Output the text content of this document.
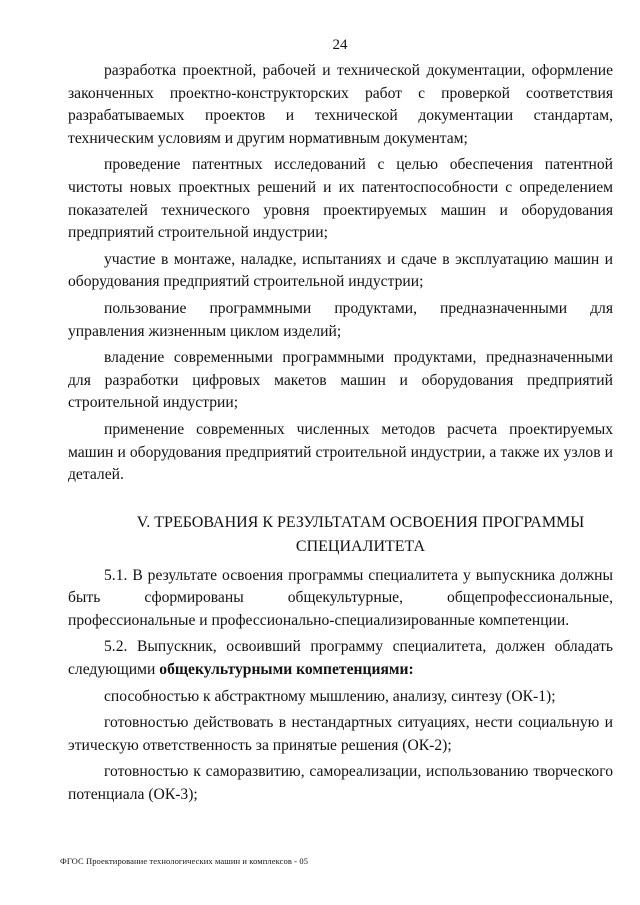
24

разработка проектной, рабочей и технической документации, оформление законченных проектно-конструкторских работ с проверкой соответствия разрабатываемых проектов и технической документации стандартам, техническим условиям и другим нормативным документам;

проведение патентных исследований с целью обеспечения патентной чистоты новых проектных решений и их патентоспособности с определением показателей технического уровня проектируемых машин и оборудования предприятий строительной индустрии;

участие в монтаже, наладке, испытаниях и сдаче в эксплуатацию машин и оборудования предприятий строительной индустрии;

пользование программными продуктами, предназначенными для управления жизненным циклом изделий;

владение современными программными продуктами, предназначенными для разработки цифровых макетов машин и оборудования предприятий строительной индустрии;

применение современных численных методов расчета проектируемых машин и оборудования предприятий строительной индустрии, а также их узлов и деталей.

V. ТРЕБОВАНИЯ К РЕЗУЛЬТАТАМ ОСВОЕНИЯ ПРОГРАММЫ
СПЕЦИАЛИТЕТА

5.1. В результате освоения программы специалитета у выпускника должны быть сформированы общекультурные, общепрофессиональные, профессиональные и профессионально-специализированные компетенции.

5.2. Выпускник, освоивший программу специалитета, должен обладать следующими общекультурными компетенциями:

способностью к абстрактному мышлению, анализу, синтезу (ОК-1);

готовностью действовать в нестандартных ситуациях, нести социальную и этическую ответственность за принятые решения (ОК-2);

готовностью к саморазвитию, самореализации, использованию творческого потенциала (ОК-3);

ФГОС Проектирование технологических машин и комплексов - 05
